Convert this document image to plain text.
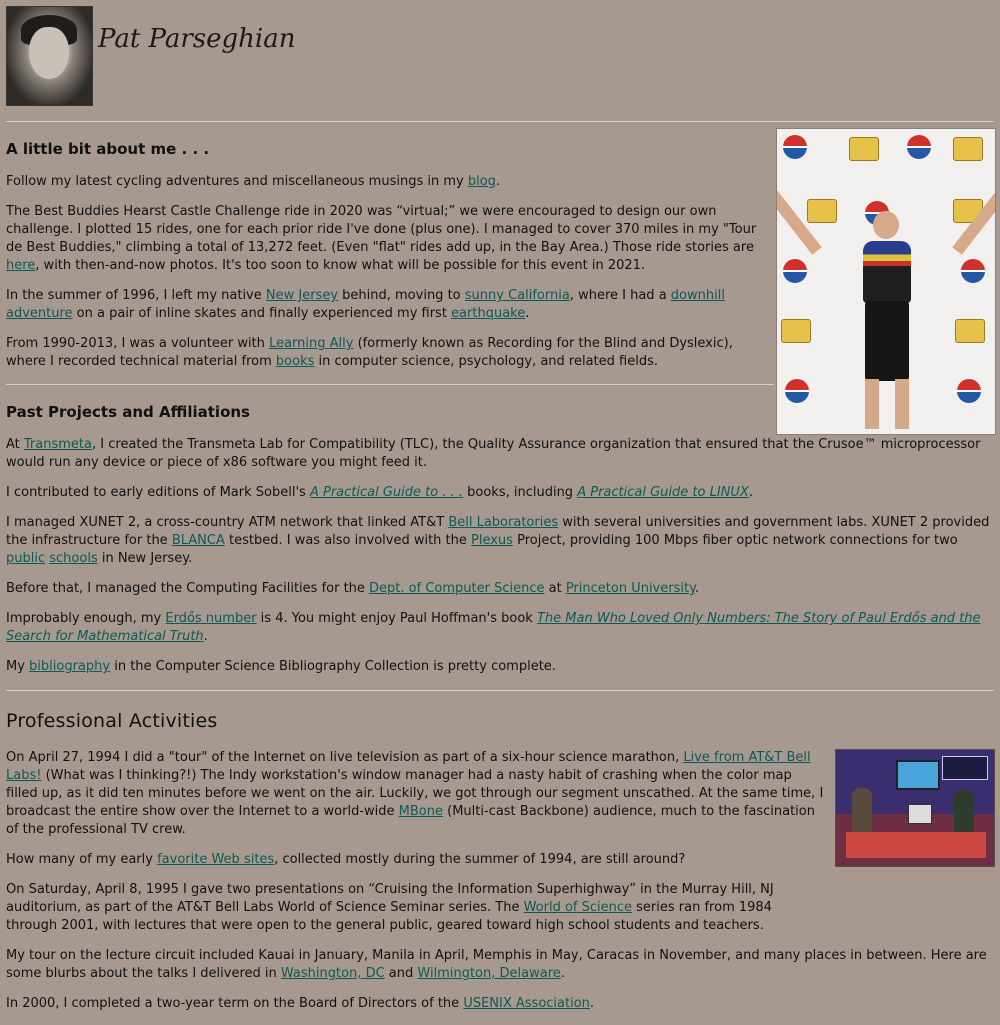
Pat Parseghian
A little bit about me . . .

Follow my latest cycling adventures and miscellaneous musings in my blog.

The Best Buddies Hearst Castle Challenge ride in 2020 was “virtual;” we were encouraged to design our own challenge. I plotted 15 rides, one for each prior ride I've done (plus one). I managed to cover 370 miles in my "Tour de Best Buddies," climbing a total of 13,272 feet. (Even "flat" rides add up, in the Bay Area.) Those ride stories are here, with then-and-now photos. It's too soon to know what will be possible for this event in 2021.

In the summer of 1996, I left my native New Jersey behind, moving to sunny California, where I had a downhill adventure on a pair of inline skates and finally experienced my first earthquake.

From 1990-2013, I was a volunteer with Learning Ally (formerly known as Recording for the Blind and Dyslexic), where I recorded technical material from books in computer science, psychology, and related fields.

Past Projects and Affiliations

At Transmeta, I created the Transmeta Lab for Compatibility (TLC), the Quality Assurance organization that ensured that the Crusoe™ microprocessor would run any device or piece of x86 software you might feed it.

I contributed to early editions of Mark Sobell's A Practical Guide to . . . books, including A Practical Guide to LINUX.

I managed XUNET 2, a cross-country ATM network that linked AT&T Bell Laboratories with several universities and government labs. XUNET 2 provided the infrastructure for the BLANCA testbed. I was also involved with the Plexus Project, providing 100 Mbps fiber optic network connections for two public schools in New Jersey.

Before that, I managed the Computing Facilities for the Dept. of Computer Science at Princeton University.

Improbably enough, my Erdős number is 4. You might enjoy Paul Hoffman's book The Man Who Loved Only Numbers: The Story of Paul Erdős and the Search for Mathematical Truth.

My bibliography in the Computer Science Bibliography Collection is pretty complete.

Professional Activities

On April 27, 1994 I did a "tour" of the Internet on live television as part of a six-hour science marathon, Live from AT&T Bell Labs! (What was I thinking?!) The Indy workstation's window manager had a nasty habit of crashing when the color map filled up, as it did ten minutes before we went on the air. Luckily, we got through our segment unscathed. At the same time, I broadcast the entire show over the Internet to a world-wide MBone (Multi-cast Backbone) audience, much to the fascination of the professional TV crew.

How many of my early favorite Web sites, collected mostly during the summer of 1994, are still around?

On Saturday, April 8, 1995 I gave two presentations on “Cruising the Information Superhighway” in the Murray Hill, NJ auditorium, as part of the AT&T Bell Labs World of Science Seminar series. The World of Science series ran from 1984 through 2001, with lectures that were open to the general public, geared toward high school students and teachers.

My tour on the lecture circuit included Kauai in January, Manila in April, Memphis in May, Caracas in November, and many places in between. Here are some blurbs about the talks I delivered in Washington, DC and Wilmington, Delaware.

In 2000, I completed a two-year term on the Board of Directors of the USENIX Association.
